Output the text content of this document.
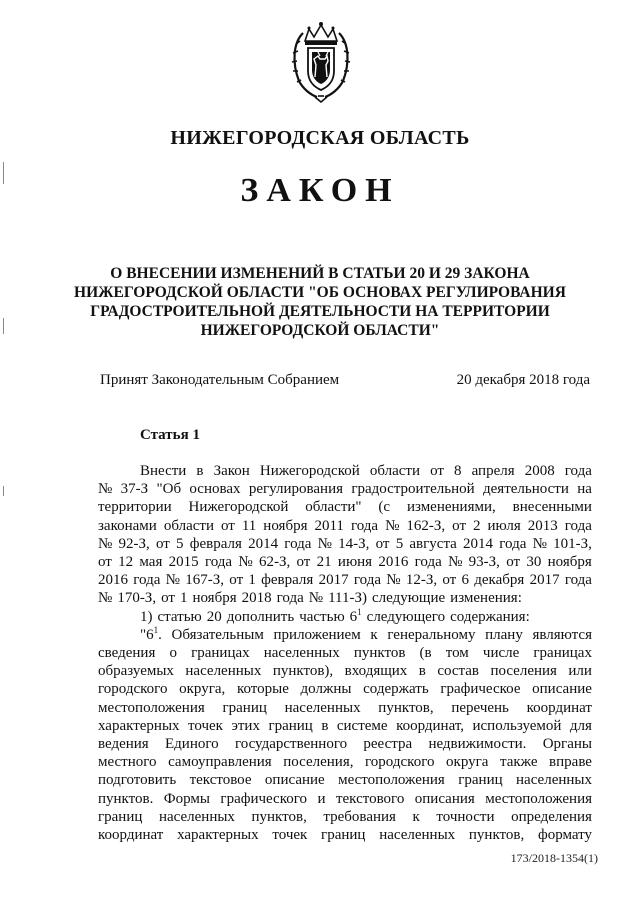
НИЖЕГОРОДСКАЯ ОБЛАСТЬ
ЗАКОН
О ВНЕСЕНИИ ИЗМЕНЕНИЙ В СТАТЬИ 20 И 29 ЗАКОНА
НИЖЕГОРОДСКОЙ ОБЛАСТИ "ОБ ОСНОВАХ РЕГУЛИРОВАНИЯ
ГРАДОСТРОИТЕЛЬНОЙ ДЕЯТЕЛЬНОСТИ НА ТЕРРИТОРИИ
НИЖЕГОРОДСКОЙ ОБЛАСТИ"
Принят Законодательным Собранием	20 декабря 2018 года
Статья 1
Внести в Закон Нижегородской области от 8 апреля 2008 года
№ 37-З "Об основах регулирования градостроительной деятельности на
территории Нижегородской области" (с изменениями, внесенными
законами области от 11 ноября 2011 года № 162-З, от 2 июля 2013 года
№ 92-З, от 5 февраля 2014 года № 14-З, от 5 августа 2014 года № 101-З,
от 12 мая 2015 года № 62-З, от 21 июня 2016 года № 93-З, от 30 ноября
2016 года № 167-З, от 1 февраля 2017 года № 12-З, от 6 декабря 2017 года
№ 170-З, от 1 ноября 2018 года № 111-З) следующие изменения:
1) статью 20 дополнить частью $6^1$ следующего содержания:
"$6^1$. Обязательным приложением к генеральному плану являются
сведения о границах населенных пунктов (в том числе границах
образуемых населенных пунктов), входящих в состав поселения или
городского округа, которые должны содержать графическое описание
местоположения границ населенных пунктов, перечень координат
характерных точек этих границ в системе координат, используемой для
ведения Единого государственного реестра недвижимости. Органы
местного самоуправления поселения, городского округа также вправе
подготовить текстовое описание местоположения границ населенных
пунктов. Формы графического и текстового описания местоположения
границ населенных пунктов, требования к точности определения
координат характерных точек границ населенных пунктов, формату
173/2018-1354(1)
